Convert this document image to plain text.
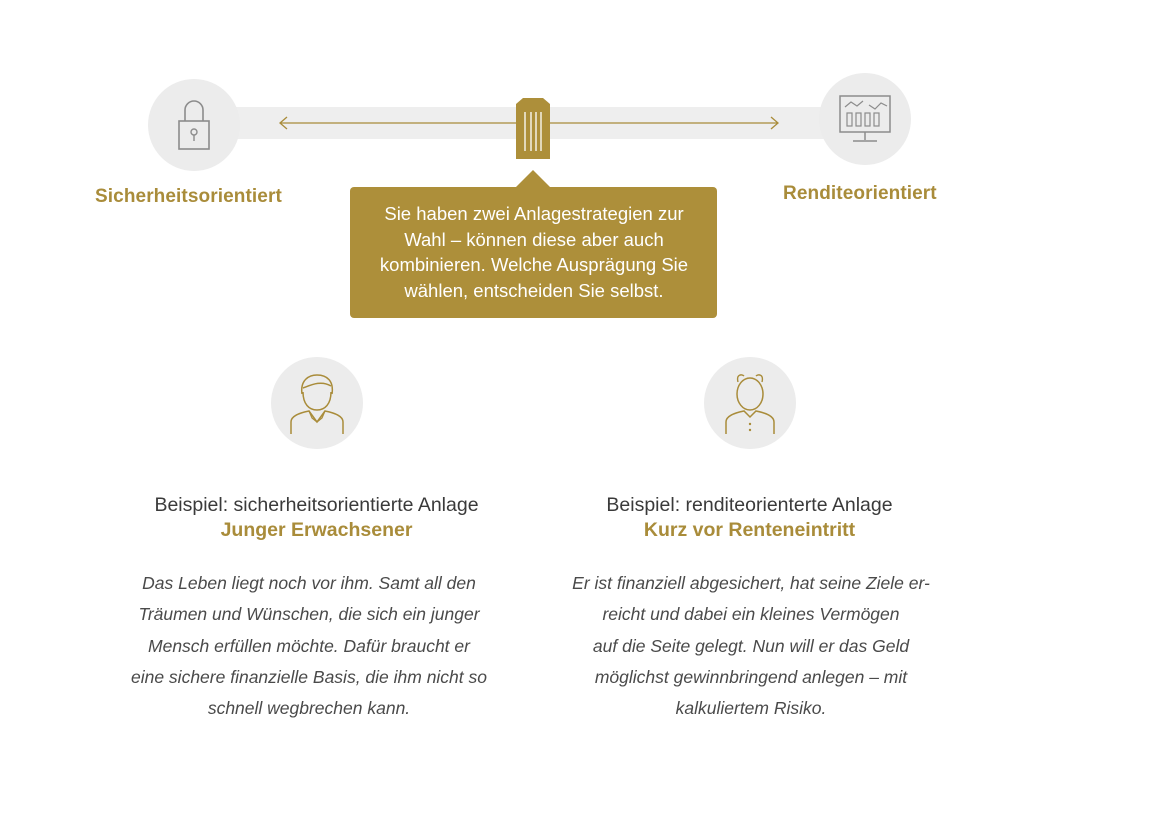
Sicherheitsorientiert	Renditeorientiert
Sie haben zwei Anlagestrategien zur Wahl – können diese aber auch kombinieren. Welche Ausprägung Sie wählen, entscheiden Sie selbst.
Beispiel: sicherheitsorientierte Anlage
Junger Erwachsener
Das Leben liegt noch vor ihm. Samt all den
Träumen und Wünschen, die sich ein junger
Mensch erfüllen möchte. Dafür braucht er
eine sichere finanzielle Basis, die ihm nicht so
schnell wegbrechen kann.
Beispiel: renditeorienterte Anlage
Kurz vor Renteneintritt
Er ist finanziell abgesichert, hat seine Ziele er-
reicht und dabei ein kleines Vermögen
auf die Seite gelegt. Nun will er das Geld
möglichst gewinnbringend anlegen – mit
kalkuliertem Risiko.
